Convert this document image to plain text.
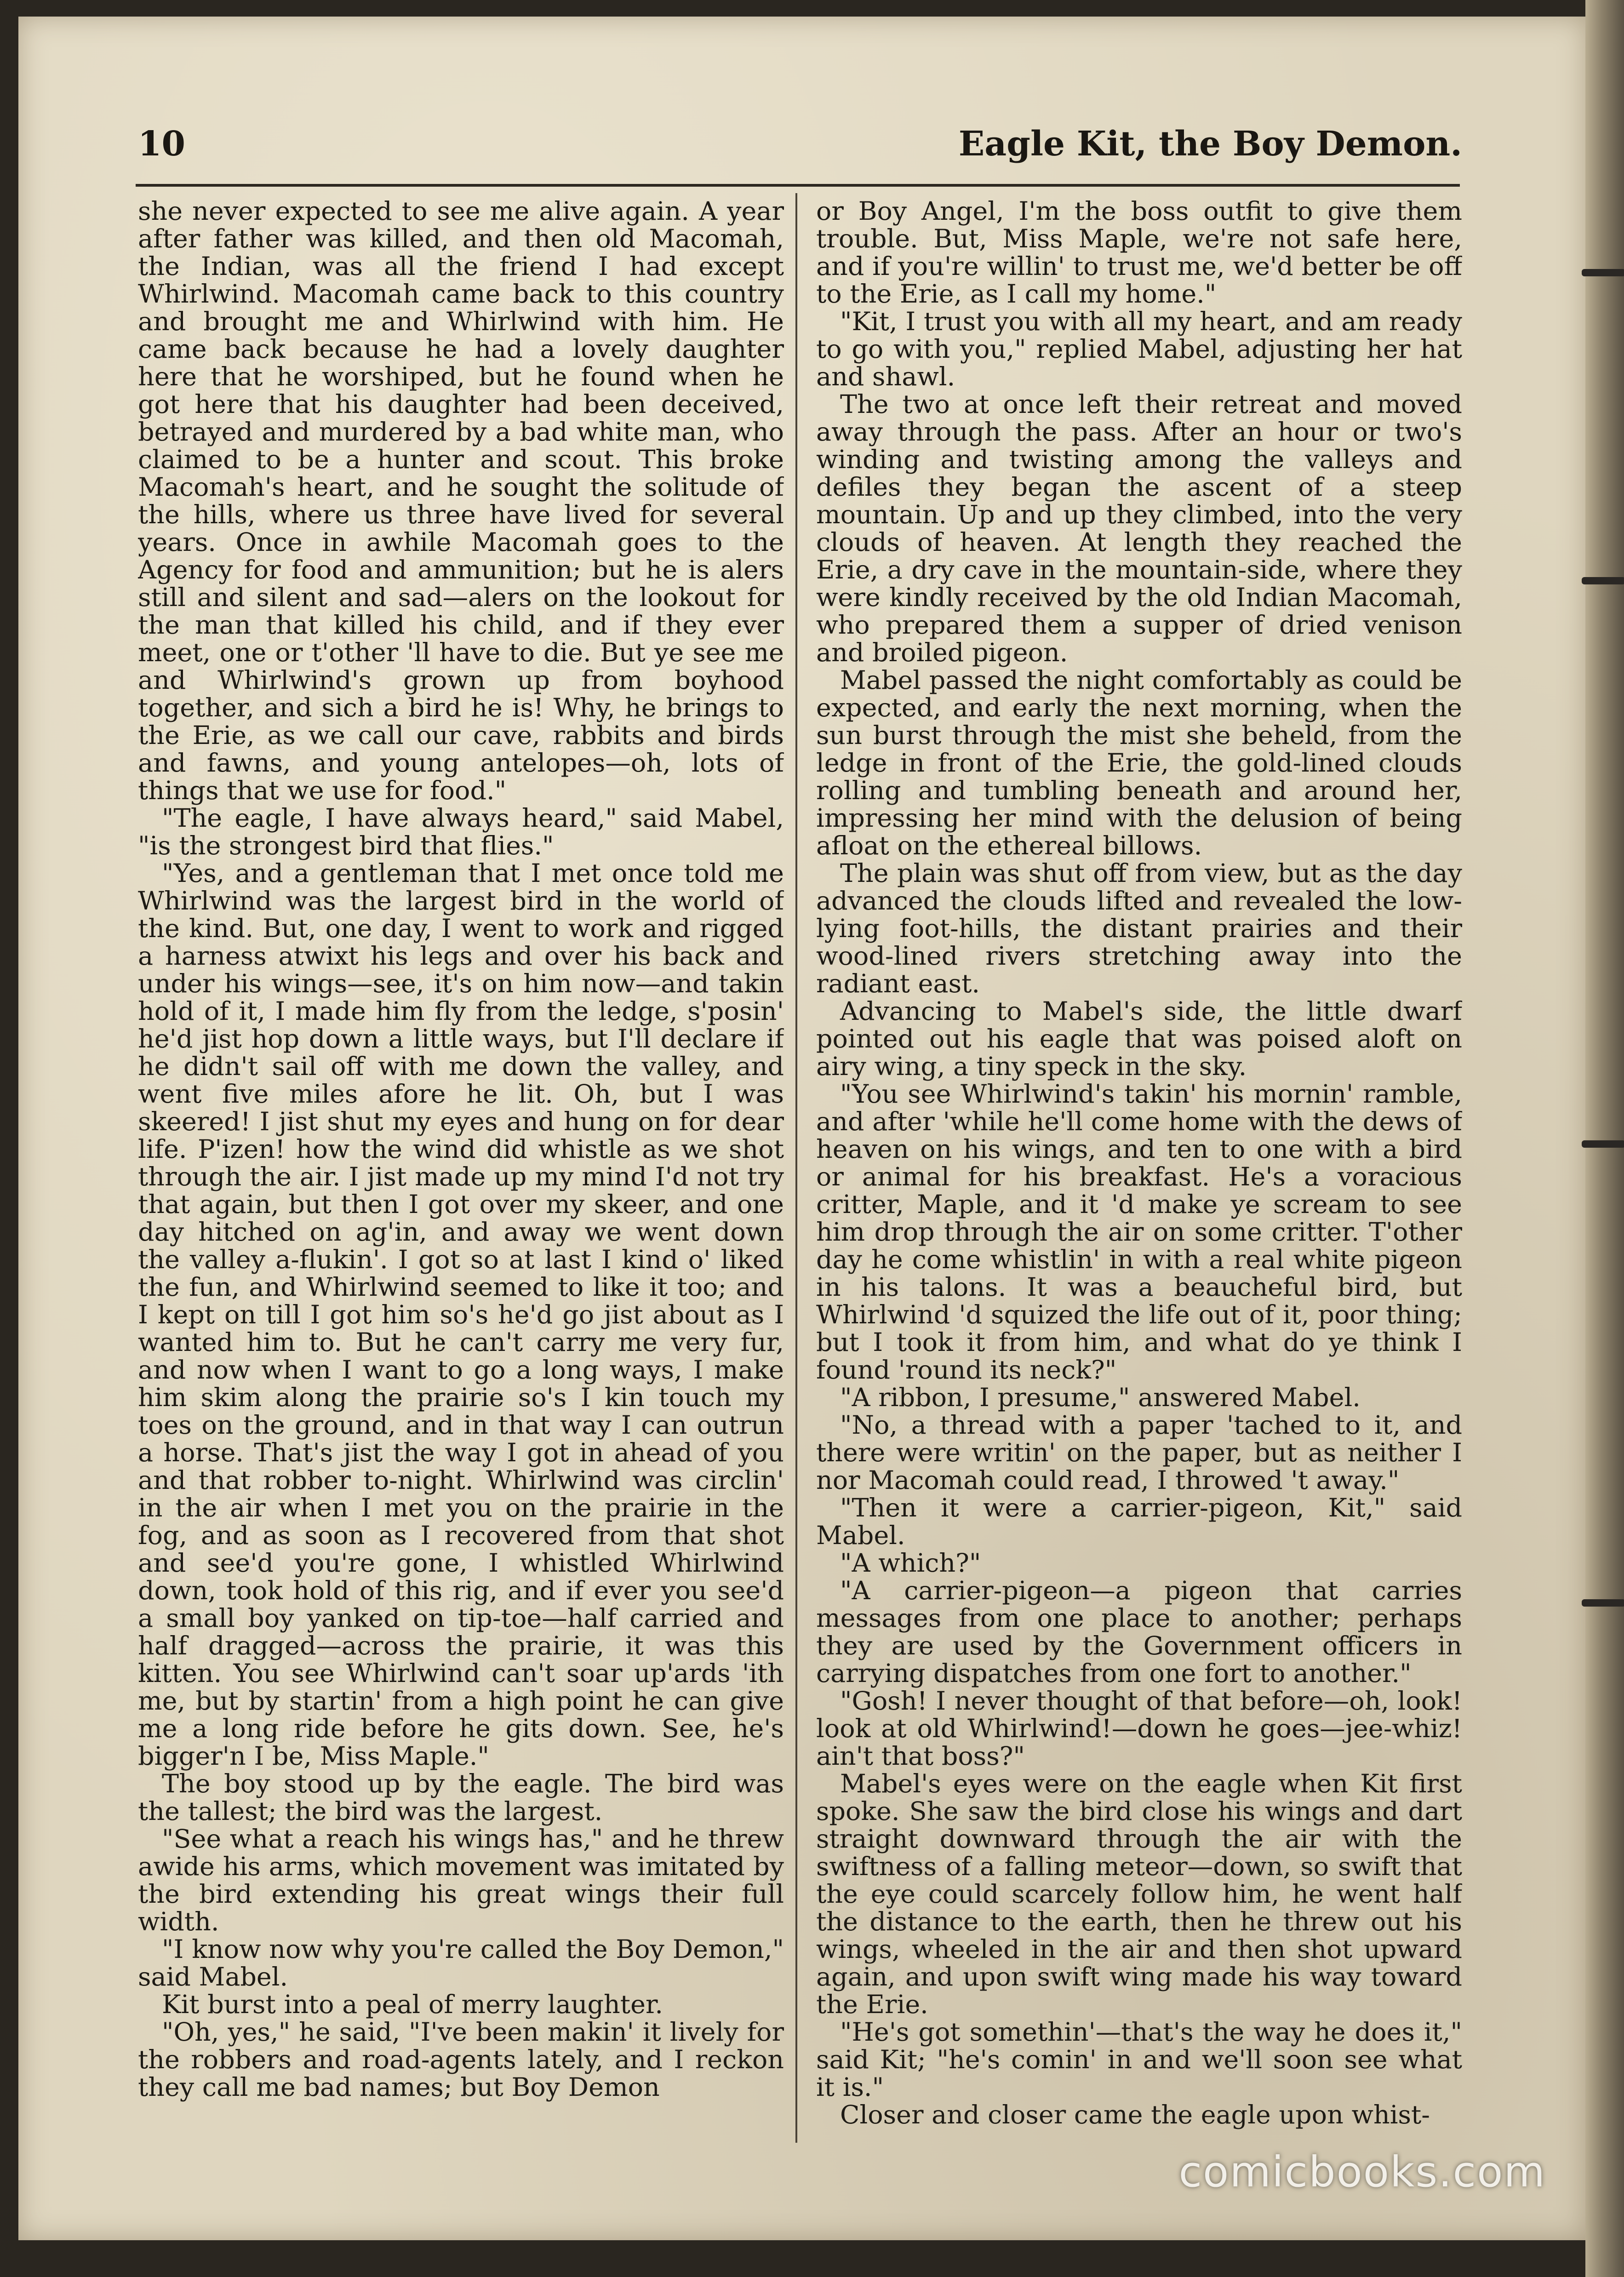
10	Eagle Kit, the Boy Demon.

she never expected to see me alive again. A year after father was killed, and then old Macomah, the Indian, was all the friend I had except Whirlwind. Macomah came back to this country and brought me and Whirlwind with him. He came back because he had a lovely daughter here that he worshiped, but he found when he got here that his daughter had been deceived, betrayed and murdered by a bad white man, who claimed to be a hunter and scout. This broke Macomah's heart, and he sought the solitude of the hills, where us three have lived for several years. Once in awhile Macomah goes to the Agency for food and ammunition; but he is alers still and silent and sad—alers on the lookout for the man that killed his child, and if they ever meet, one or t'other 'll have to die. But ye see me and Whirlwind's grown up from boyhood together, and sich a bird he is! Why, he brings to the Erie, as we call our cave, rabbits and birds and fawns, and young antelopes—oh, lots of things that we use for food."

"The eagle, I have always heard," said Mabel, "is the strongest bird that flies."

"Yes, and a gentleman that I met once told me Whirlwind was the largest bird in the world of the kind. But, one day, I went to work and rigged a harness atwixt his legs and over his back and under his wings—see, it's on him now—and takin hold of it, I made him fly from the ledge, s'posin' he'd jist hop down a little ways, but I'll declare if he didn't sail off with me down the valley, and went five miles afore he lit. Oh, but I was skeered! I jist shut my eyes and hung on for dear life. P'izen! how the wind did whistle as we shot through the air. I jist made up my mind I'd not try that again, but then I got over my skeer, and one day hitched on ag'in, and away we went down the valley a-flukin'. I got so at last I kind o' liked the fun, and Whirlwind seemed to like it too; and I kept on till I got him so's he'd go jist about as I wanted him to. But he can't carry me very fur, and now when I want to go a long ways, I make him skim along the prairie so's I kin touch my toes on the ground, and in that way I can outrun a horse. That's jist the way I got in ahead of you and that robber to-night. Whirlwind was circlin' in the air when I met you on the prairie in the fog, and as soon as I recovered from that shot and see'd you're gone, I whistled Whirlwind down, took hold of this rig, and if ever you see'd a small boy yanked on tip-toe—half carried and half dragged—across the prairie, it was this kitten. You see Whirlwind can't soar up'ards 'ith me, but by startin' from a high point he can give me a long ride before he gits down. See, he's bigger'n I be, Miss Maple."

The boy stood up by the eagle. The bird was the tallest; the bird was the largest.

"See what a reach his wings has," and he threw awide his arms, which movement was imitated by the bird extending his great wings their full width.

"I know now why you're called the Boy Demon," said Mabel.

Kit burst into a peal of merry laughter.

"Oh, yes," he said, "I've been makin' it lively for the robbers and road-agents lately, and I reckon they call me bad names; but Boy Demon

or Boy Angel, I'm the boss outfit to give them trouble. But, Miss Maple, we're not safe here, and if you're willin' to trust me, we'd better be off to the Erie, as I call my home."

"Kit, I trust you with all my heart, and am ready to go with you," replied Mabel, adjusting her hat and shawl.

The two at once left their retreat and moved away through the pass. After an hour or two's winding and twisting among the valleys and defiles they began the ascent of a steep mountain. Up and up they climbed, into the very clouds of heaven. At length they reached the Erie, a dry cave in the mountain-side, where they were kindly received by the old Indian Macomah, who prepared them a supper of dried venison and broiled pigeon.

Mabel passed the night comfortably as could be expected, and early the next morning, when the sun burst through the mist she beheld, from the ledge in front of the Erie, the gold-lined clouds rolling and tumbling beneath and around her, impressing her mind with the delusion of being afloat on the ethereal billows.

The plain was shut off from view, but as the day advanced the clouds lifted and revealed the low-lying foot-hills, the distant prairies and their wood-lined rivers stretching away into the radiant east.

Advancing to Mabel's side, the little dwarf pointed out his eagle that was poised aloft on airy wing, a tiny speck in the sky.

"You see Whirlwind's takin' his mornin' ramble, and after 'while he'll come home with the dews of heaven on his wings, and ten to one with a bird or animal for his breakfast. He's a voracious critter, Maple, and it 'd make ye scream to see him drop through the air on some critter. T'other day he come whistlin' in with a real white pigeon in his talons. It was a beaucheful bird, but Whirlwind 'd squized the life out of it, poor thing; but I took it from him, and what do ye think I found 'round its neck?"

"A ribbon, I presume," answered Mabel.

"No, a thread with a paper 'tached to it, and there were writin' on the paper, but as neither I nor Macomah could read, I throwed 't away."

"Then it were a carrier-pigeon, Kit," said Mabel.

"A which?"

"A carrier-pigeon—a pigeon that carries messages from one place to another; perhaps they are used by the Government officers in carrying dispatches from one fort to another."

"Gosh! I never thought of that before—oh, look! look at old Whirlwind!—down he goes—jee-whiz! ain't that boss?"

Mabel's eyes were on the eagle when Kit first spoke. She saw the bird close his wings and dart straight downward through the air with the swiftness of a falling meteor—down, so swift that the eye could scarcely follow him, he went half the distance to the earth, then he threw out his wings, wheeled in the air and then shot upward again, and upon swift wing made his way toward the Erie.

"He's got somethin'—that's the way he does it," said Kit; "he's comin' in and we'll soon see what it is."

Closer and closer came the eagle upon whist-

comicbooks.com
